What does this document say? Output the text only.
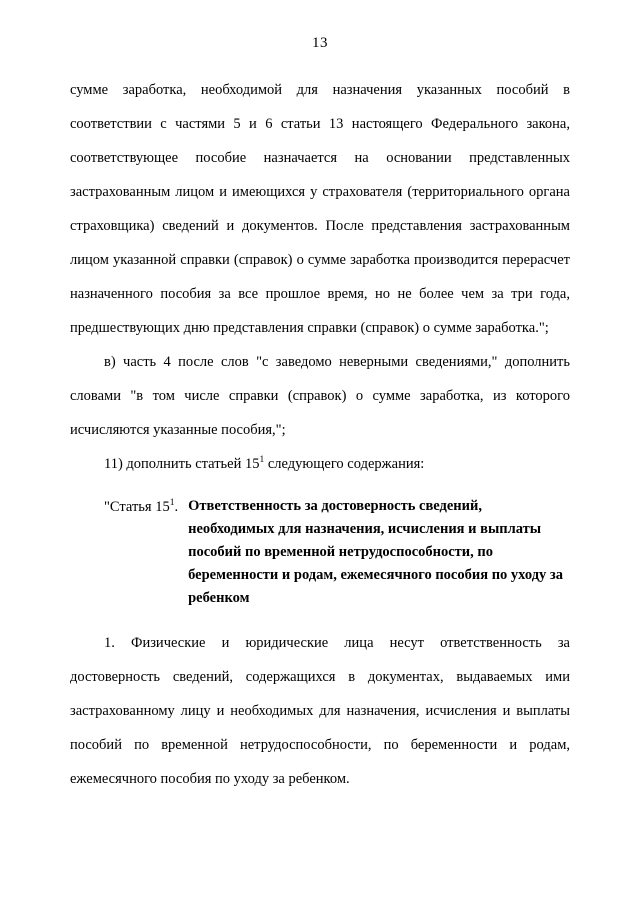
13

сумме заработка, необходимой для назначения указанных пособий в соответствии с частями 5 и 6 статьи 13 настоящего Федерального закона, соответствующее пособие назначается на основании представленных застрахованным лицом и имеющихся у страхователя (территориального органа страховщика) сведений и документов. После представления застрахованным лицом указанной справки (справок) о сумме заработка производится перерасчет назначенного пособия за все прошлое время, но не более чем за три года, предшествующих дню представления справки (справок) о сумме заработка.";

в) часть 4 после слов "с заведомо неверными сведениями," дополнить словами "в том числе справки (справок) о сумме заработка, из которого исчисляются указанные пособия,";

11) дополнить статьей $15^1$ следующего содержания:

"Статья $15^1$. Ответственность за достоверность сведений, необходимых для назначения, исчисления и выплаты пособий по временной нетрудоспособности, по беременности и родам, ежемесячного пособия по уходу за ребенком

1. Физические и юридические лица несут ответственность за достоверность сведений, содержащихся в документах, выдаваемых ими застрахованному лицу и необходимых для назначения, исчисления и выплаты пособий по временной нетрудоспособности, по беременности и родам, ежемесячного пособия по уходу за ребенком.
